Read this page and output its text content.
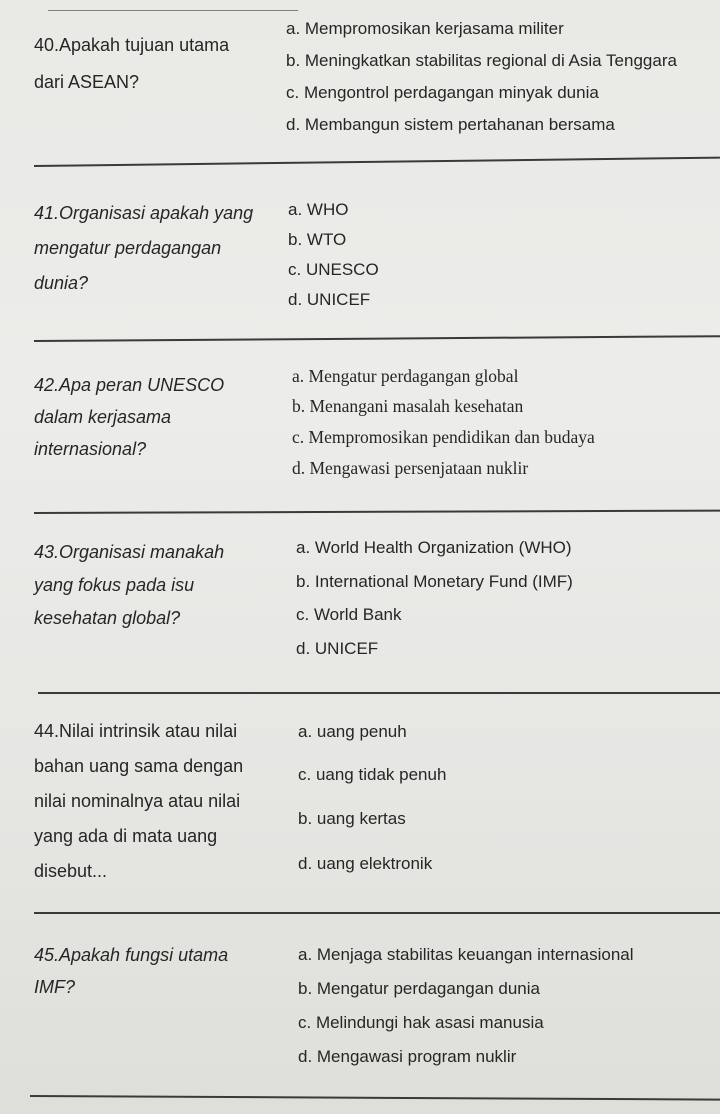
40.Apakah tujuan utama
dari ASEAN?
a. Mempromosikan kerjasama militer
b. Meningkatkan stabilitas regional di Asia Tenggara
c. Mengontrol perdagangan minyak dunia
d. Membangun sistem pertahanan bersama
41.Organisasi apakah yang
mengatur perdagangan
dunia?
a. WHO
b. WTO
c. UNESCO
d. UNICEF
42.Apa peran UNESCO
dalam kerjasama
internasional?
a. Mengatur perdagangan global
b. Menangani masalah kesehatan
c. Mempromosikan pendidikan dan budaya
d. Mengawasi persenjataan nuklir
43.Organisasi manakah
yang fokus pada isu
kesehatan global?
a. World Health Organization (WHO)
b. International Monetary Fund (IMF)
c. World Bank
d. UNICEF
44.Nilai intrinsik atau nilai
bahan uang sama dengan
nilai nominalnya atau nilai
yang ada di mata uang
disebut...
a. uang penuh
c. uang tidak penuh
b. uang kertas
d. uang elektronik
45.Apakah fungsi utama
IMF?
a. Menjaga stabilitas keuangan internasional
b. Mengatur perdagangan dunia
c. Melindungi hak asasi manusia
d. Mengawasi program nuklir
